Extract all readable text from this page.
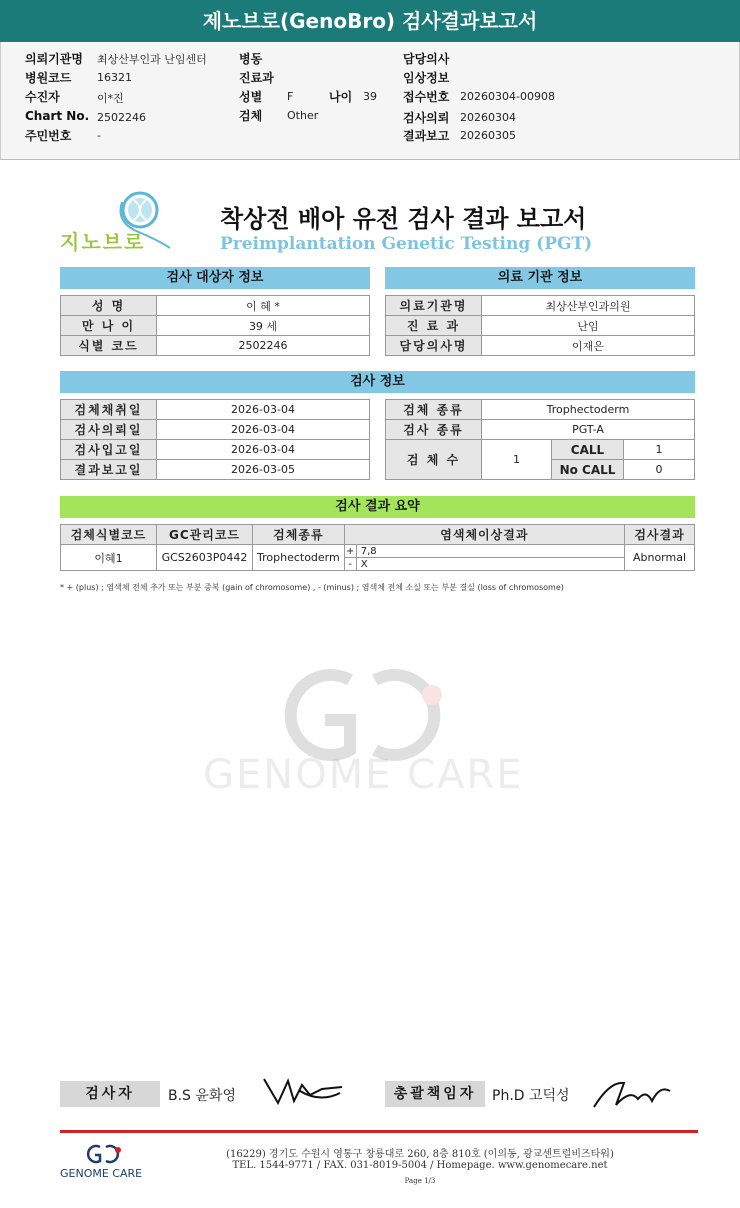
제노브로(GenoBro) 검사결과보고서
의뢰기관명 최상산부인과 난임센터
병원코드 16321
수진자	이*진
Chart No. 2502246
주민번호 -
병동
진료과
성별 F	나이 39
검체 Other
담당의사
임상정보
접수번호 20260304-00908
검사의뢰 20260304
결과보고 20260305
지노브로
착상전 배아 유전 검사 결과 보고서
Preimplantation Genetic Testing (PGT)
검사 대상자 정보
성 명	이 혜 *
만 나 이	39 세
식별 코드	2502246
의료 기관 정보
의료기관명	최상산부인과의원
진 료 과	난임
담당의사명	이재은
검사 정보
검체채취일	2026-03-04
검사의뢰일	2026-03-04
검사입고일	2026-03-04
결과보고일	2026-03-05
검체 종류	Trophectoderm		
검사 종류	PGT-A		
검 체 수	1	CALL	1
		No CALL	0
검사 결과 요약
검체식별코드	GC관리코드	검체종류	염색체이상결과		검사결과
이혜1	GCS2603P0442	Trophectoderm	+	7,8	Abnormal
			-	X	
* + (plus) ; 염색체 전체 추가 또는 부분 중복 (gain of chromosome) , - (minus) ; 염색체 전체 소실 또는 부분 결실 (loss of chromosome)
GENOME CARE
검사자	B.S 윤화영	총괄책임자	Ph.D 고덕성
GENOME CARE
(16229) 경기도 수원시 영통구 창룡대로 260, 8층 810호 (이의동, 광교센트럴비즈타워)
TEL. 1544-9771 / FAX. 031-8019-5004 / Homepage. www.genomecare.net
Page 1/3
